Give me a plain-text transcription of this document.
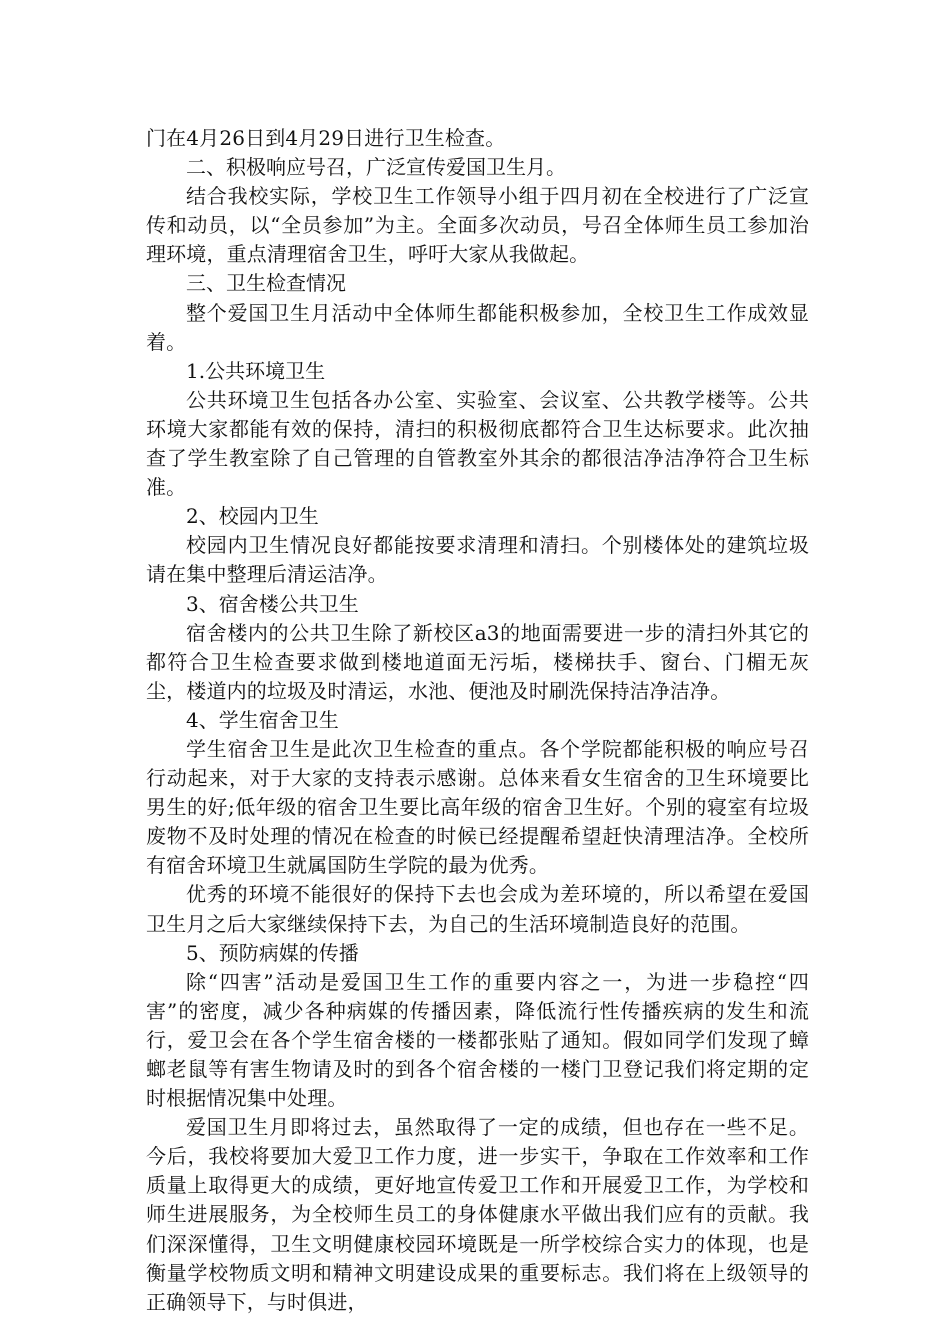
门在4月26日到4月29日进行卫生检查。

二、积极响应号召，广泛宣传爱国卫生月。

结合我校实际，学校卫生工作领导小组于四月初在全校进行了广泛宣传和动员，以“全员参加”为主。全面多次动员，号召全体师生员工参加治理环境，重点清理宿舍卫生，呼吁大家从我做起。

三、卫生检查情况

整个爱国卫生月活动中全体师生都能积极参加，全校卫生工作成效显着。

1.公共环境卫生

公共环境卫生包括各办公室、实验室、会议室、公共教学楼等。公共环境大家都能有效的保持，清扫的积极彻底都符合卫生达标要求。此次抽查了学生教室除了自己管理的自管教室外其余的都很洁净洁净符合卫生标准。

2、校园内卫生

校园内卫生情况良好都能按要求清理和清扫。个别楼体处的建筑垃圾请在集中整理后清运洁净。

3、宿舍楼公共卫生

宿舍楼内的公共卫生除了新校区a3的地面需要进一步的清扫外其它的都符合卫生检查要求做到楼地道面无污垢，楼梯扶手、窗台、门楣无灰尘，楼道内的垃圾及时清运，水池、便池及时刷洗保持洁净洁净。

4、学生宿舍卫生

学生宿舍卫生是此次卫生检查的重点。各个学院都能积极的响应号召行动起来，对于大家的支持表示感谢。总体来看女生宿舍的卫生环境要比男生的好;低年级的宿舍卫生要比高年级的宿舍卫生好。个别的寝室有垃圾废物不及时处理的情况在检查的时候已经提醒希望赶快清理洁净。全校所有宿舍环境卫生就属国防生学院的最为优秀。

优秀的环境不能很好的保持下去也会成为差环境的，所以希望在爱国卫生月之后大家继续保持下去，为自己的生活环境制造良好的范围。

5、预防病媒的传播

除“四害”活动是爱国卫生工作的重要内容之一，为进一步稳控“四害”的密度，减少各种病媒的传播因素，降低流行性传播疾病的发生和流行，爱卫会在各个学生宿舍楼的一楼都张贴了通知。假如同学们发现了蟑螂老鼠等有害生物请及时的到各个宿舍楼的一楼门卫登记我们将定期的定时根据情况集中处理。

爱国卫生月即将过去，虽然取得了一定的成绩，但也存在一些不足。今后，我校将要加大爱卫工作力度，进一步实干，争取在工作效率和工作质量上取得更大的成绩，更好地宣传爱卫工作和开展爱卫工作，为学校和师生进展服务，为全校师生员工的身体健康水平做出我们应有的贡献。我们深深懂得，卫生文明健康校园环境既是一所学校综合实力的体现，也是衡量学校物质文明和精神文明建设成果的重要标志。我们将在上级领导的正确领导下，与时俱进，
